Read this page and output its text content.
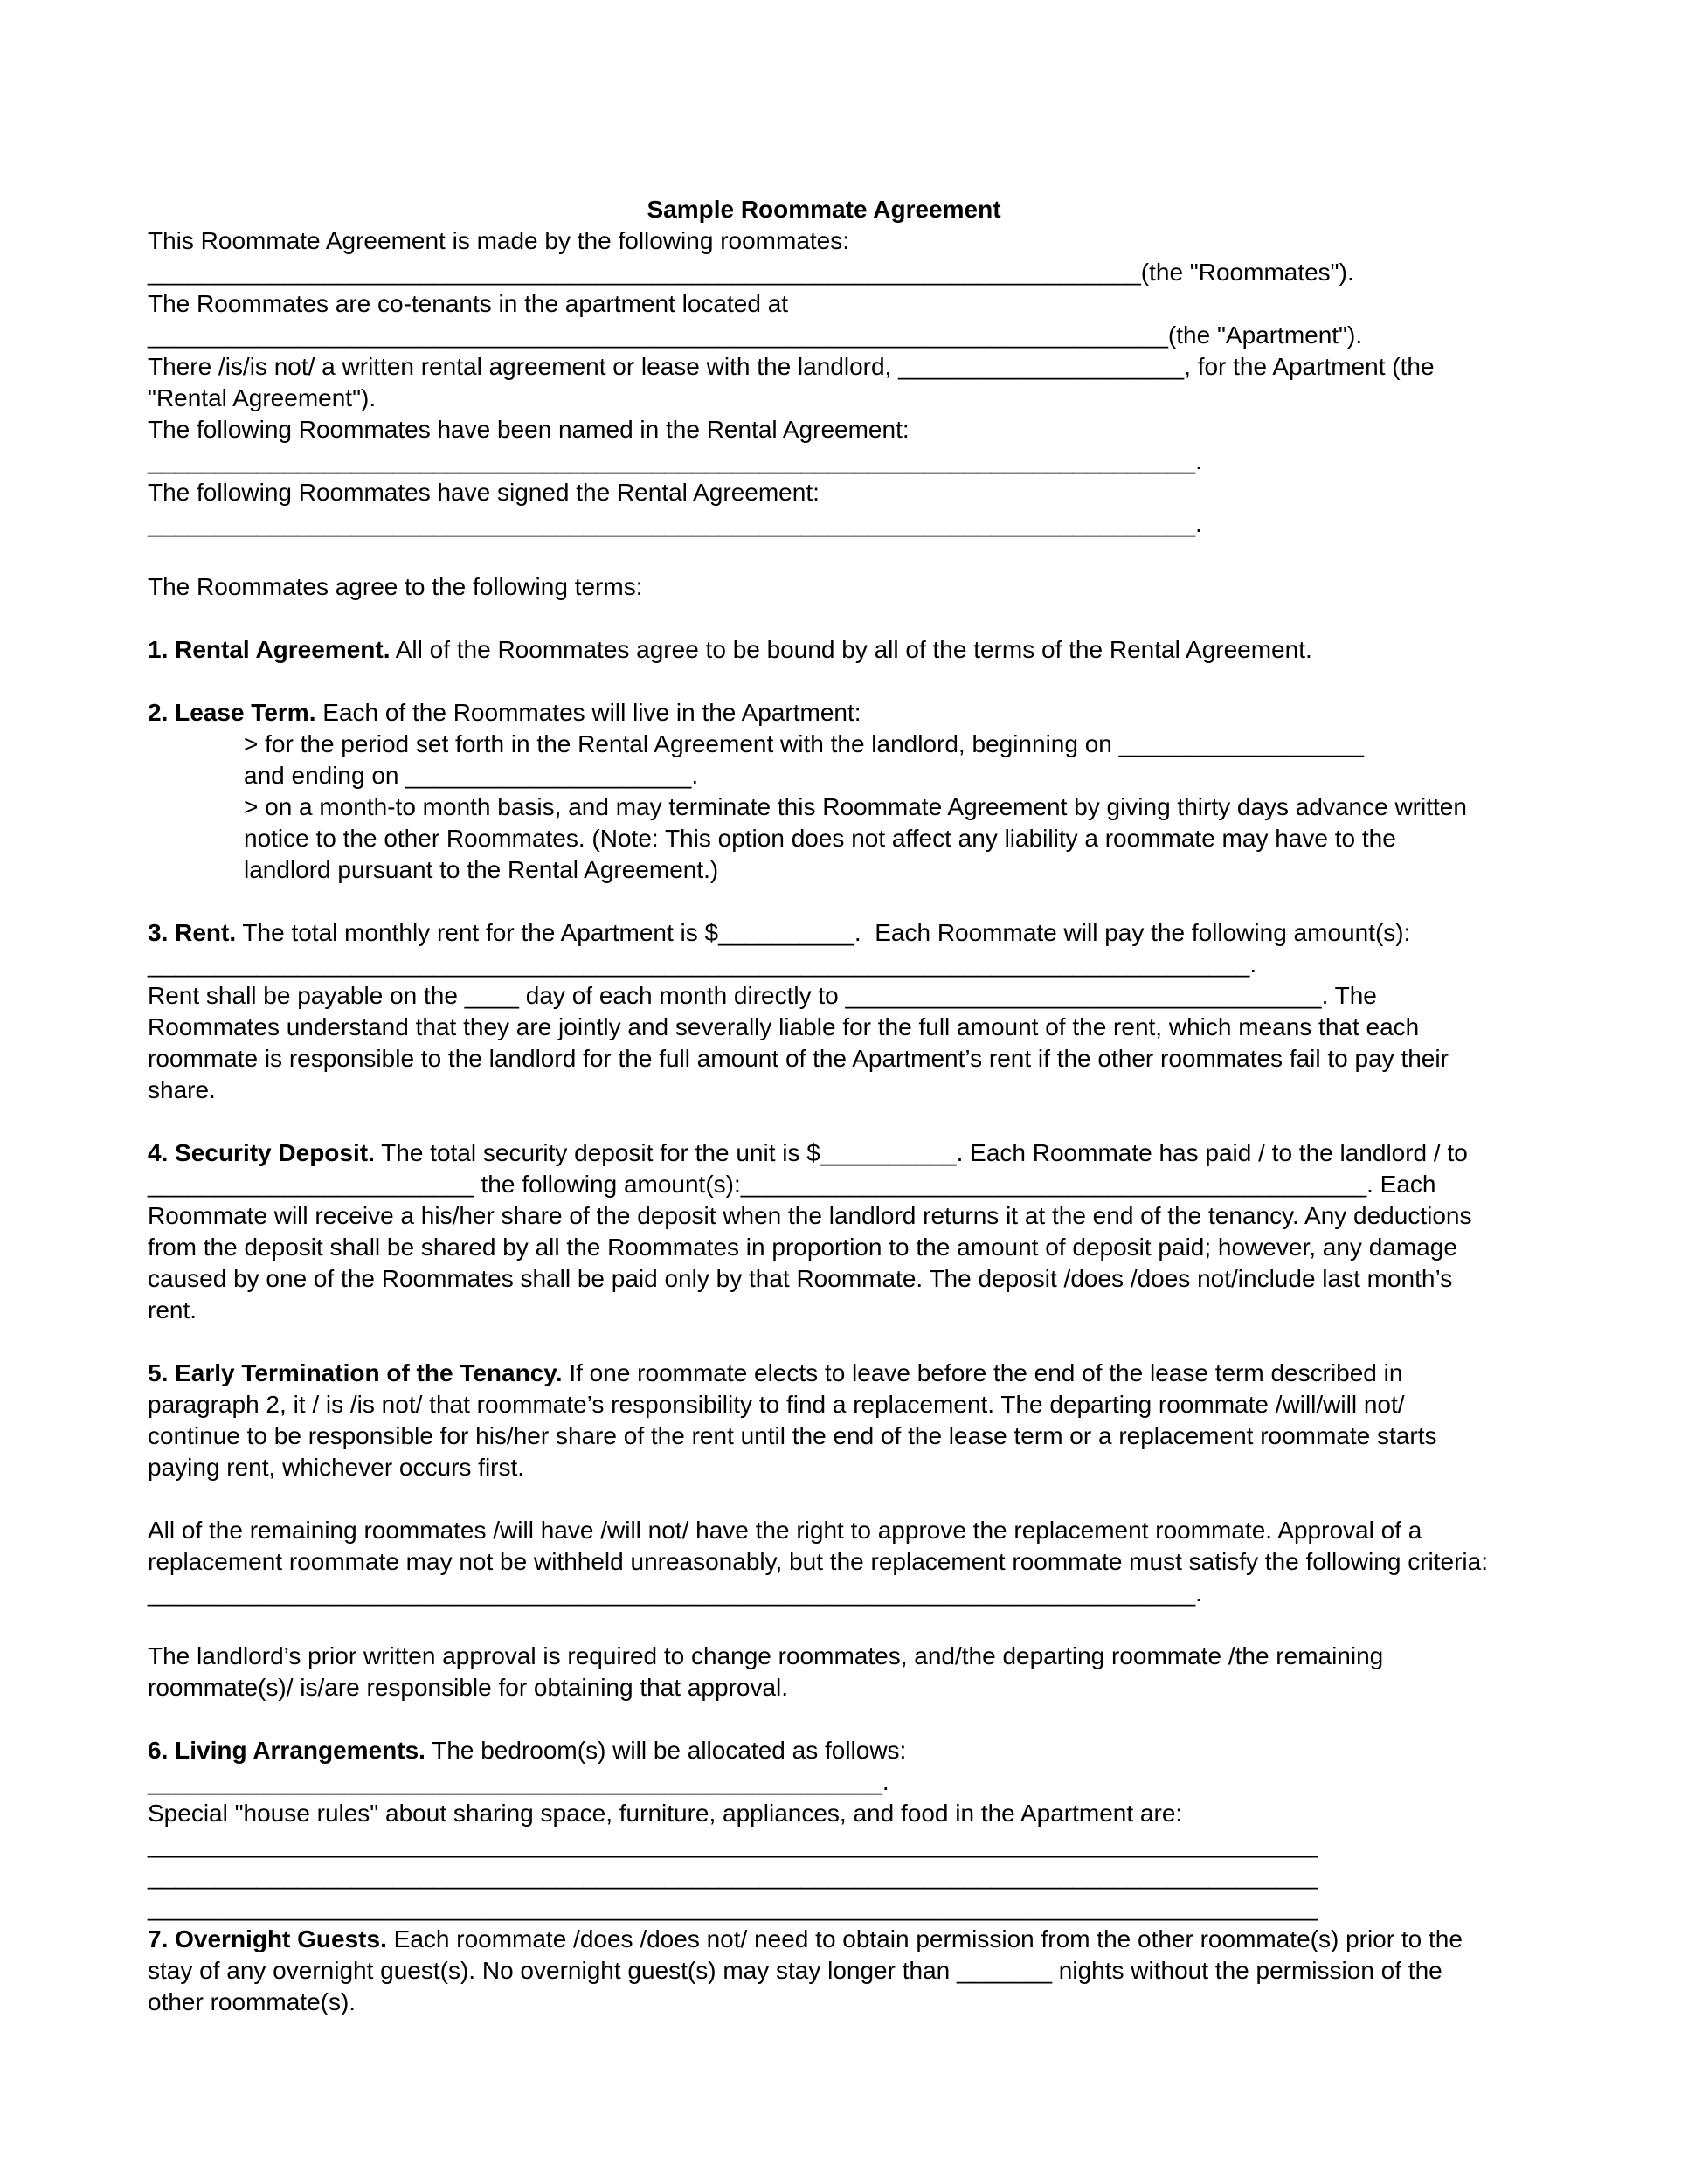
Sample Roommate Agreement

This Roommate Agreement is made by the following roommates:

_________________________________________________________________________(the "Roommates").

The Roommates are co-tenants in the apartment located at

___________________________________________________________________________(the "Apartment").

There /is/is not/ a written rental agreement or lease with the landlord, _____________________, for the Apartment (the "Rental Agreement").

The following Roommates have been named in the Rental Agreement:

_____________________________________________________________________________.

The following Roommates have signed the Rental Agreement:

_____________________________________________________________________________.

The Roommates agree to the following terms:

1. Rental Agreement. All of the Roommates agree to be bound by all of the terms of the Rental Agreement.

2. Lease Term. Each of the Roommates will live in the Apartment:

> for the period set forth in the Rental Agreement with the landlord, beginning on __________________

and ending on _____________________.

> on a month-to month basis, and may terminate this Roommate Agreement by giving thirty days advance written notice to the other Roommates. (Note: This option does not affect any liability a roommate may have to the landlord pursuant to the Rental Agreement.)

3. Rent. The total monthly rent for the Apartment is $__________.  Each Roommate will pay the following amount(s): _________________________________________________________________________________.

Rent shall be payable on the ____ day of each month directly to ___________________________________. The Roommates understand that they are jointly and severally liable for the full amount of the rent, which means that each roommate is responsible to the landlord for the full amount of the Apartment’s rent if the other roommates fail to pay their share.

4. Security Deposit. The total security deposit for the unit is $__________. Each Roommate has paid / to the landlord / to ________________________ the following amount(s):______________________________________________. Each Roommate will receive a his/her share of the deposit when the landlord returns it at the end of the tenancy. Any deductions from the deposit shall be shared by all the Roommates in proportion to the amount of deposit paid; however, any damage caused by one of the Roommates shall be paid only by that Roommate. The deposit /does /does not/include last month’s rent.

5. Early Termination of the Tenancy. If one roommate elects to leave before the end of the lease term described in paragraph 2, it / is /is not/ that roommate’s responsibility to find a replacement. The departing roommate /will/will not/ continue to be responsible for his/her share of the rent until the end of the lease term or a replacement roommate starts paying rent, whichever occurs first.

All of the remaining roommates /will have /will not/ have the right to approve the replacement roommate. Approval of a replacement roommate may not be withheld unreasonably, but the replacement roommate must satisfy the following criteria:

_____________________________________________________________________________.

The landlord’s prior written approval is required to change roommates, and/the departing roommate /the remaining roommate(s)/ is/are responsible for obtaining that approval.

6. Living Arrangements. The bedroom(s) will be allocated as follows:

______________________________________________________.

Special "house rules" about sharing space, furniture, appliances, and food in the Apartment are:

______________________________________________________________________________________

______________________________________________________________________________________

______________________________________________________________________________________

7. Overnight Guests. Each roommate /does /does not/ need to obtain permission from the other roommate(s) prior to the stay of any overnight guest(s). No overnight guest(s) may stay longer than _______ nights without the permission of the other roommate(s).
